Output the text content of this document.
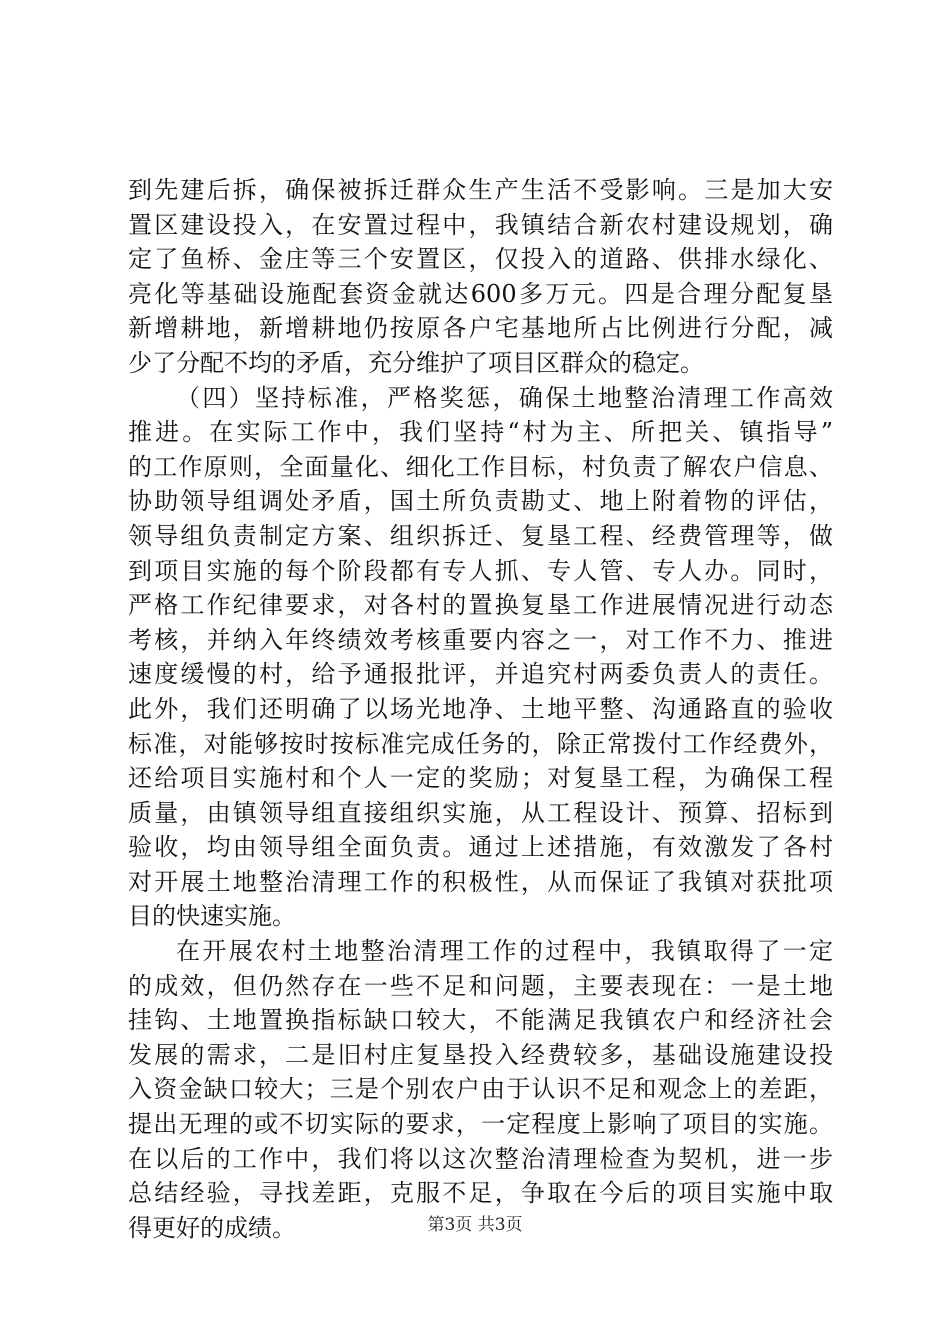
到先建后拆，确保被拆迁群众生产生活不受影响。三是加大安
置区建设投入，在安置过程中，我镇结合新农村建设规划，确
定了鱼桥、金庄等三个安置区，仅投入的道路、供排水绿化、
亮化等基础设施配套资金就达600多万元。四是合理分配复垦
新增耕地，新增耕地仍按原各户宅基地所占比例进行分配，减
少了分配不均的矛盾，充分维护了项目区群众的稳定。
（四）坚持标准，严格奖惩，确保土地整治清理工作高效
推进。在实际工作中，我们坚持“村为主、所把关、镇指导”
的工作原则，全面量化、细化工作目标，村负责了解农户信息、
协助领导组调处矛盾，国土所负责勘丈、地上附着物的评估，
领导组负责制定方案、组织拆迁、复垦工程、经费管理等，做
到项目实施的每个阶段都有专人抓、专人管、专人办。同时，
严格工作纪律要求，对各村的置换复垦工作进展情况进行动态
考核，并纳入年终绩效考核重要内容之一，对工作不力、推进
速度缓慢的村，给予通报批评，并追究村两委负责人的责任。
此外，我们还明确了以场光地净、土地平整、沟通路直的验收
标准，对能够按时按标准完成任务的，除正常拨付工作经费外，
还给项目实施村和个人一定的奖励；对复垦工程，为确保工程
质量，由镇领导组直接组织实施，从工程设计、预算、招标到
验收，均由领导组全面负责。通过上述措施，有效激发了各村
对开展土地整治清理工作的积极性，从而保证了我镇对获批项
目的快速实施。
在开展农村土地整治清理工作的过程中，我镇取得了一定
的成效，但仍然存在一些不足和问题，主要表现在：一是土地
挂钩、土地置换指标缺口较大，不能满足我镇农户和经济社会
发展的需求，二是旧村庄复垦投入经费较多，基础设施建设投
入资金缺口较大；三是个别农户由于认识不足和观念上的差距，
提出无理的或不切实际的要求，一定程度上影响了项目的实施。
在以后的工作中，我们将以这次整治清理检查为契机，进一步
总结经验，寻找差距，克服不足，争取在今后的项目实施中取
得更好的成绩。	第3页 共3页
